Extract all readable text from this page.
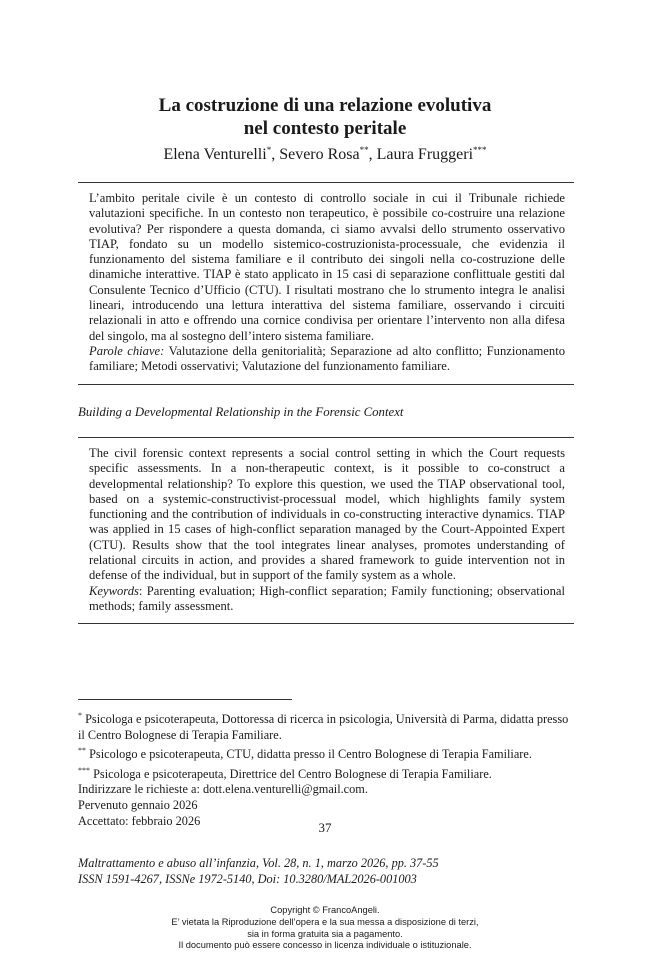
La costruzione di una relazione evolutiva
nel contesto peritale
Elena Venturelli*, Severo Rosa**, Laura Fruggeri***
L’ambito peritale civile è un contesto di controllo sociale in cui il Tribunale richiede valutazioni specifiche. In un contesto non terapeutico, è possibile co-costruire una relazione evolutiva? Per rispondere a questa domanda, ci siamo avvalsi dello strumento osservativo TIAP, fondato su un modello sistemico-costruzionista-processuale, che evidenzia il funzionamento del sistema familiare e il contributo dei singoli nella co-costruzione delle dinamiche interattive. TIAP è stato applicato in 15 casi di separazione conflittuale gestiti dal Consulente Tecnico d’Ufficio (CTU). I risultati mostrano che lo strumento integra le analisi lineari, introducendo una lettura interattiva del sistema familiare, osservando i circuiti relazionali in atto e offrendo una cornice condivisa per orientare l’intervento non alla difesa del singolo, ma al sostegno dell’intero sistema familiare.
Parole chiave: Valutazione della genitorialità; Separazione ad alto conflitto; Funzionamento familiare; Metodi osservativi; Valutazione del funzionamento familiare.
Building a Developmental Relationship in the Forensic Context
The civil forensic context represents a social control setting in which the Court requests specific assessments. In a non-therapeutic context, is it possible to co-construct a developmental relationship? To explore this question, we used the TIAP observational tool, based on a systemic-constructivist-processual model, which highlights family system functioning and the contribution of individuals in co-constructing interactive dynamics. TIAP was applied in 15 cases of high-conflict separation managed by the Court-Appointed Expert (CTU). Results show that the tool integrates linear analyses, promotes understanding of relational circuits in action, and provides a shared framework to guide intervention not in defense of the individual, but in support of the family system as a whole.
Keywords: Parenting evaluation; High-conflict separation; Family functioning; observational methods; family assessment.

* Psicologa e psicoterapeuta, Dottoressa di ricerca in psicologia, Università di Parma, didatta presso il Centro Bolognese di Terapia Familiare.

** Psicologo e psicoterapeuta, CTU, didatta presso il Centro Bolognese di Terapia Familiare.

*** Psicologa e psicoterapeuta, Direttrice del Centro Bolognese di Terapia Familiare.

Indirizzare le richieste a: dott.elena.venturelli@gmail.com.

Pervenuto gennaio 2026

Accettato: febbraio 2026	37

Maltrattamento e abuso all’infanzia, Vol. 28, n. 1, marzo 2026, pp. 37-55

ISSN 1591-4267, ISSNe 1972-5140, Doi: 10.3280/MAL2026-001003

Copyright © FrancoAngeli.

E’ vietata la Riproduzione dell’opera e la sua messa a disposizione di terzi,

sia in forma gratuita sia a pagamento.

Il documento può essere concesso in licenza individuale o istituzionale.
